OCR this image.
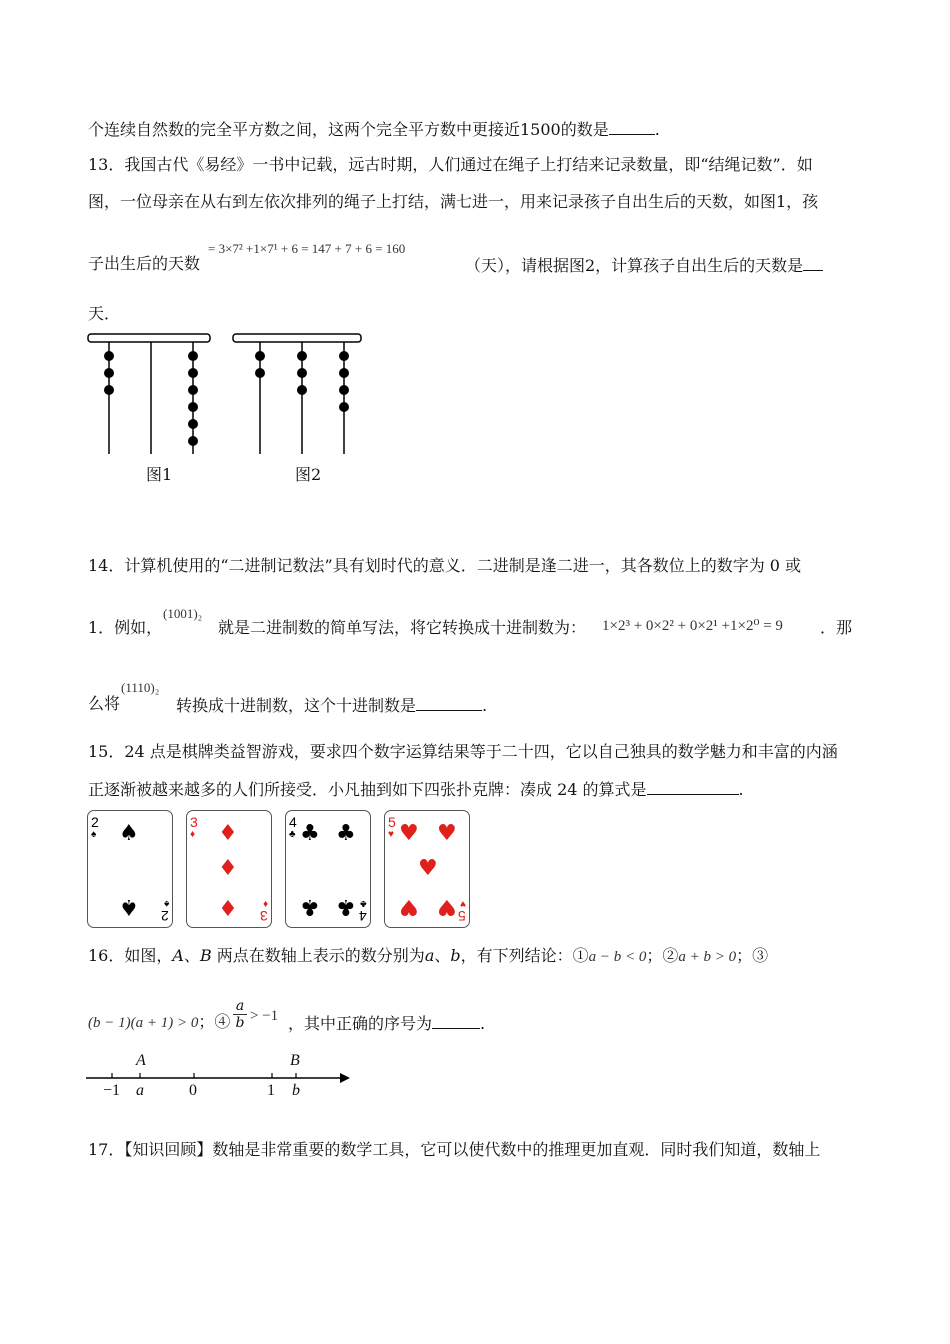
个连续自然数的完全平方数之间，这两个完全平方数中更接近1500的数是	.
13．我国古代《易经》一书中记载，远古时期，人们通过在绳子上打结来记录数量，即“结绳记数”．如
图，一位母亲在从右到左依次排列的绳子上打结，满七进一，用来记录孩子自出生后的天数，如图1，孩
子出生后的天数
= 3×7² +1×7¹ + 6 = 147 + 7 + 6 = 160
（天），请根据图2，计算孩子自出生后的天数是
天．
图1	图2
14．计算机使用的“二进制记数法”具有划时代的意义．二进制是逢二进一，其各数位上的数字为 0 或
1．例如，
(1001)₂
就是二进制数的简单写法，将它转换成十进制数为： 1×2³ + 0×2² + 0×2¹ +1×2⁰ = 9 ．那
么将
(1110)₂
转换成十进制数，这个十进制数是	.
15．24 点是棋牌类益智游戏，要求四个数字运算结果等于二十四，它以自己独具的数学魅力和丰富的内涵
正逐渐被越来越多的人们所接受．小凡抽到如下四张扑克牌：凑成 24 的算式是	.
2
♠ ♠
♠ 2
♠
3
♦ ♦
♦
♦ 3
♦
4
♣ ♣ ♣
♣ ♣ 4
♣
5
♥ ♥ ♥
♥
♥ ♥ 5
♥
16．如图，A、B 两点在数轴上表示的数分别为a、b，有下列结论：①a − b < 0；②a + b > 0；③
(b − 1)(a + 1) > 0；④
a
b > −1 ，其中正确的序号为	.
A	B
−1 a	0	1 b
17．【知识回顾】数轴是非常重要的数学工具，它可以使代数中的推理更加直观．同时我们知道，数轴上
